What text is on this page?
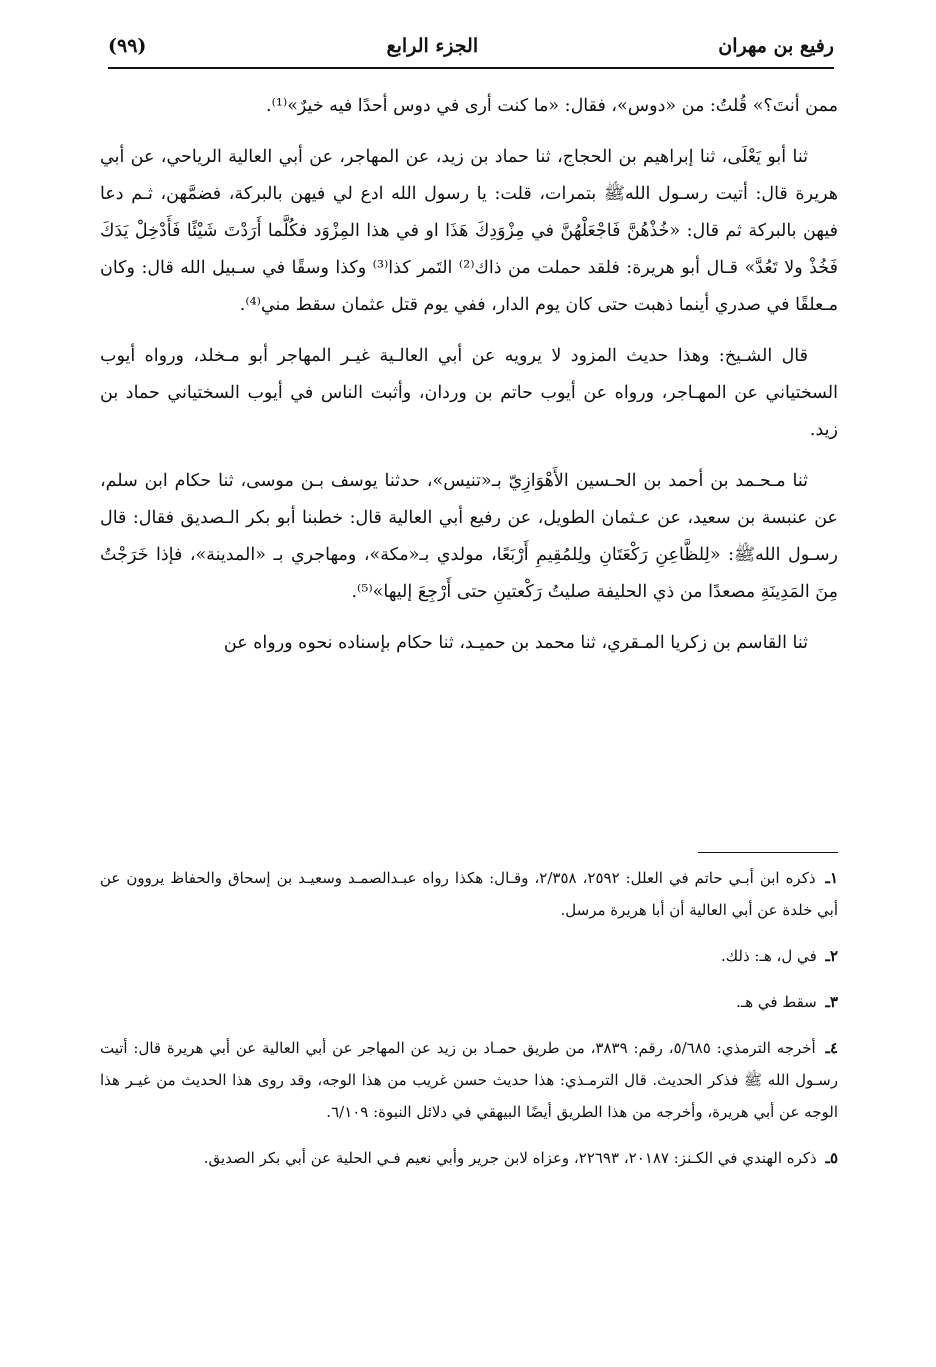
رفيع بن مهران
الجزء الرابع
(٩٩)

ممن أنتَ؟» قُلتُ: من «دوس»، فقال: «ما كنت أرى في دوس أحدًا فيه خيرٌ»⁽¹⁾.

ثنا أبو يَعْلَى، ثنا إبراهيم بن الحجاج، ثنا حماد بن زيد، عن المهاجر، عن أبي العالية الرياحي، عن أبي هريرة قال: أتيت رسـول اللهﷺ بتمرات، قلت: يا رسول الله ادع لي فيهن بالبركة، فضمَّهن، ثـم دعا فيهن بالبركة ثم قال: «خُذْهُنَّ فَاجْعَلْهُنَّ في مِزْوَدِكَ هَذَا او في هذا المِزْوَد فكُلَّما أَرَدْتَ شَيْئًا فَأَدْخِلْ يَدَكَ فَخُذْ ولا تَعُدَّ» قـال أبو هريرة: فلقد حملت من ذاك⁽²⁾ التَمر كذا⁽³⁾ وكذا وسقًا في سـبيل الله قال: وكان مـعلقًا في صدري أينما ذهبت حتى كان يوم الدار، ففي يوم قتل عثمان سقط مني⁽⁴⁾.

قال الشـيخ: وهذا حديث المزود لا يرويه عن أبي العالـية غيـر المهاجر أبو مـخلد، ورواه أيوب السختياني عن المهـاجر، ورواه عن أيوب حاتم بن وردان، وأثبت الناس في أيوب السختياني حماد بن زيد.

ثنا مـحـمد بن أحمد بن الحـسين الأَهْوَازِيّ بـ«تنيس»، حدثنا يوسف بـن موسى، ثنا حكام ابن سلم، عن عنبسة بن سعيد، عن عـثمان الطويل، عن رفيع أبي العالية قال: خطبنا أبو بكر الـصديق فقال: قال رسـول اللهﷺ: «لِلظَّاعِنِ رَكْعَتَانِ ولِلمُقِيمِ أَرْبَعًا، مولدي بـ«مكة»، ومهاجري بـ «المدينة»، فإذا خَرَجْتُ مِنَ المَدِينَةِ مصعدًا من ذي الحليفة صليتُ رَكْعتينِ حتى أَرْجِعَ إليها»⁽⁵⁾.

ثنا القاسم بن زكريا المـقري، ثنا محمد بن حميـد، ثنا حكام بإسناده نحوه ورواه عن

١ـ ذكره ابن أبـي حاتم في العلل: ٢٥٩٢، ٢/٣٥٨، وقـال: هكذا رواه عبـدالصمـد وسعيـد بن إسحاق والحفاظ يروون عن أبي خلدة عن أبي العالية أن أبا هريرة مرسل.
٢ـ في ل، هـ: ذلك.
٣ـ سقط في هـ.
٤ـ أخرجه الترمذي: ٥/٦٨٥، رقم: ٣٨٣٩، من طريق حمـاد بن زيد عن المهاجر عن أبي العالية عن أبي هريرة قال: أتيت رسـول الله ﷺ فذكر الحديث. قال الترمـذي: هذا حديث حسن غريب من هذا الوجه، وقد روى هذا الحديث من غيـر هذا الوجه عن أبي هريرة، وأخرجه من هذا الطريق أيضًا البيهقي في دلائل النبوة: ٦/١٠٩.
٥ـ ذكره الهندي في الكـنز: ٢٠١٨٧، ٢٢٦٩٣، وعزاه لابن جرير وأبي نعيم فـي الحلية عن أبي بكر الصديق.
